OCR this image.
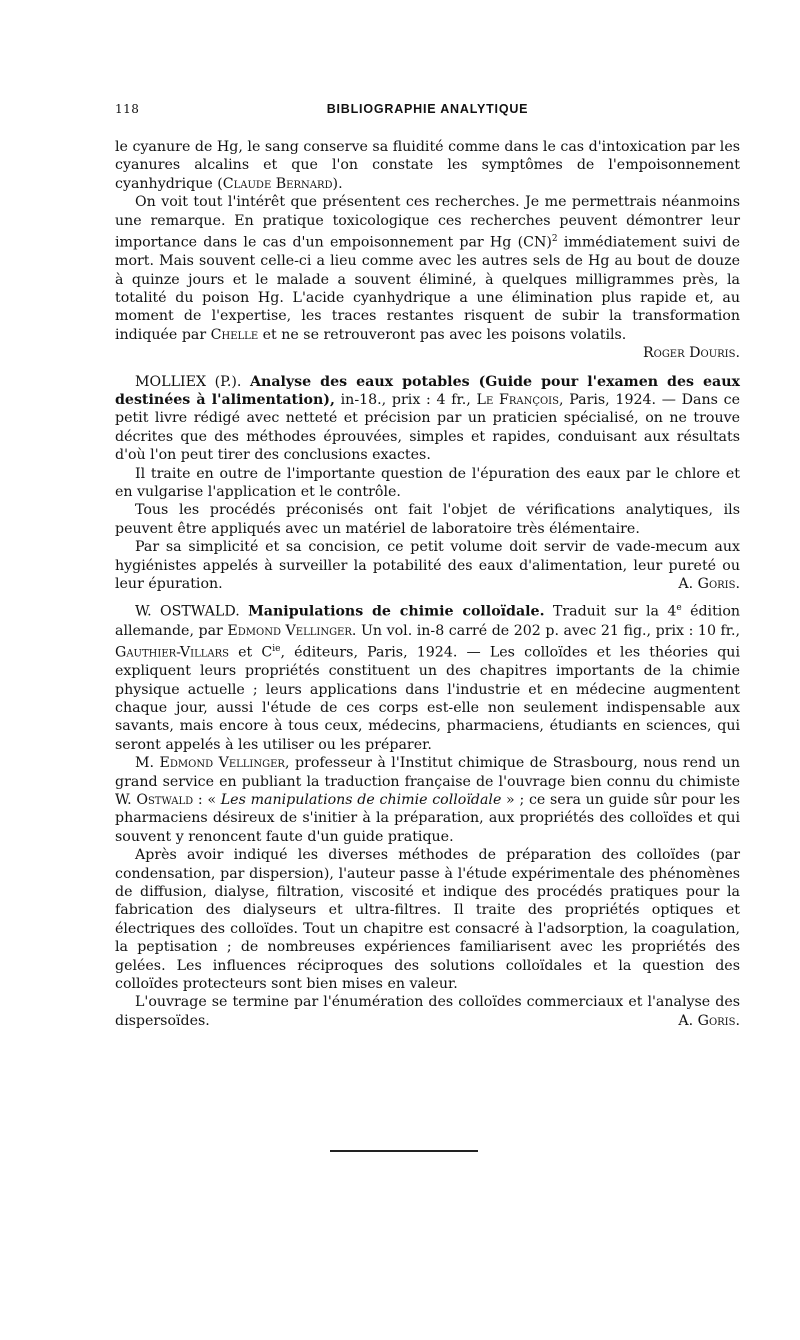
118	BIBLIOGRAPHIE ANALYTIQUE

le cyanure de Hg, le sang conserve sa fluidité comme dans le cas d'intoxication par les cyanures alcalins et que l'on constate les symptômes de l'empoisonnement cyanhydrique (Claude Bernard).

On voit tout l'intérêt que présentent ces recherches. Je me permettrais néanmoins une remarque. En pratique toxicologique ces recherches peuvent démontrer leur importance dans le cas d'un empoisonnement par Hg (CN)$^2$ immédiatement suivi de mort. Mais souvent celle-ci a lieu comme avec les autres sels de Hg au bout de douze à quinze jours et le malade a souvent éliminé, à quelques milligrammes près, la totalité du poison Hg. L'acide cyanhydrique a une élimination plus rapide et, au moment de l'expertise, les traces restantes risquent de subir la transformation indiquée par Chelle et ne se retrouveront pas avec les poisons volatils.
Roger Douris.

MOLLIEX (P.). Analyse des eaux potables (Guide pour l'examen des eaux destinées à l'alimentation), in-18., prix : 4 fr., Le François, Paris, 1924. — Dans ce petit livre rédigé avec netteté et précision par un praticien spécialisé, on ne trouve décrites que des méthodes éprouvées, simples et rapides, conduisant aux résultats d'où l'on peut tirer des conclusions exactes.

Il traite en outre de l'importante question de l'épuration des eaux par le chlore et en vulgarise l'application et le contrôle.

Tous les procédés préconisés ont fait l'objet de vérifications analytiques, ils peuvent être appliqués avec un matériel de laboratoire très élémentaire.

Par sa simplicité et sa concision, ce petit volume doit servir de vade-mecum aux hygiénistes appelés à surveiller la potabilité des eaux d'alimentation, leur pureté ou leur épuration.	A. Goris.

W. OSTWALD. Manipulations de chimie colloïdale. Traduit sur la 4e édition allemande, par Edmond Vellinger. Un vol. in-8 carré de 202 p. avec 21 fig., prix : 10 fr., Gauthier-Villars et $C^{ie}$, éditeurs, Paris, 1924. — Les colloïdes et les théories qui expliquent leurs propriétés constituent un des chapitres importants de la chimie physique actuelle ; leurs applications dans l'industrie et en médecine augmentent chaque jour, aussi l'étude de ces corps est-elle non seulement indispensable aux savants, mais encore à tous ceux, médecins, pharmaciens, étudiants en sciences, qui seront appelés à les utiliser ou les préparer.

M. Edmond Vellinger, professeur à l'Institut chimique de Strasbourg, nous rend un grand service en publiant la traduction française de l'ouvrage bien connu du chimiste W. Ostwald : « Les manipulations de chimie colloïdale » ; ce sera un guide sûr pour les pharmaciens désireux de s'initier à la préparation, aux propriétés des colloïdes et qui souvent y renoncent faute d'un guide pratique.

Après avoir indiqué les diverses méthodes de préparation des colloïdes (par condensation, par dispersion), l'auteur passe à l'étude expérimentale des phénomènes de diffusion, dialyse, filtration, viscosité et indique des procédés pratiques pour la fabrication des dialyseurs et ultra-filtres. Il traite des propriétés optiques et électriques des colloïdes. Tout un chapitre est consacré à l'adsorption, la coagulation, la peptisation ; de nombreuses expériences familiarisent avec les propriétés des gelées. Les influences réciproques des solutions colloïdales et la question des colloïdes protecteurs sont bien mises en valeur.

L'ouvrage se termine par l'énumération des colloïdes commerciaux et l'analyse des dispersoïdes.	A. Goris.
